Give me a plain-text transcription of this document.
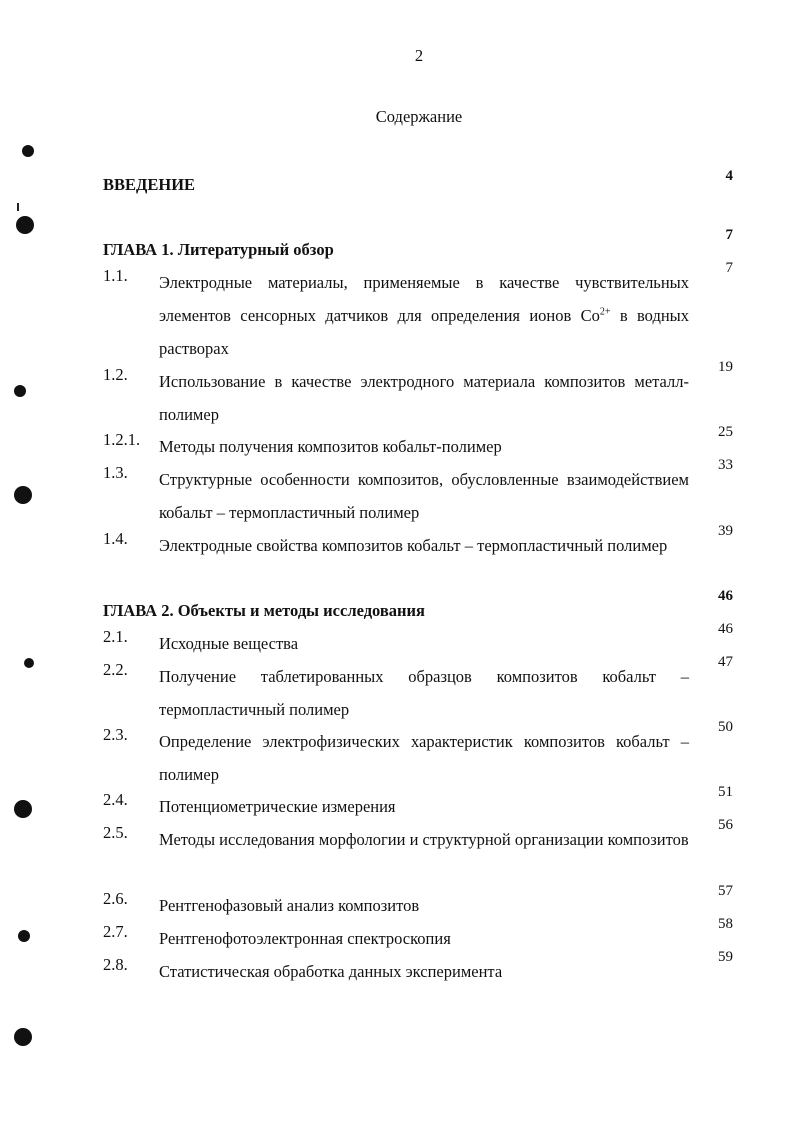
2
Содержание
ВВЕДЕНИЕ	4
ГЛАВА 1. Литературный обзор
7
1.1. Электродные материалы, применяемые в качестве чувствительных элементов сенсорных датчиков для определения ионов $Co^{2+}$ в водных растворах
7
1.2. Использование в качестве электродного материала композитов металл-полимер
19
1.2.1. Методы получения композитов кобальт-полимер
25
1.3. Структурные особенности композитов, обусловленные взаимодействием кобальт – термопластичный полимер
33
1.4. Электродные свойства композитов кобальт – термопластичный полимер
39
ГЛАВА 2. Объекты и методы исследования
46
2.1. Исходные вещества
46
2.2. Получение таблетированных образцов композитов кобальт – термопластичный полимер
47
2.3. Определение электрофизических характеристик композитов кобальт – полимер
50
2.4. Потенциометрические измерения
51
2.5. Методы исследования морфологии и структурной организации композитов
56
2.6. Рентгенофазовый анализ композитов
57
2.7. Рентгенофотоэлектронная спектроскопия
58
2.8. Статистическая обработка данных эксперимента
59
